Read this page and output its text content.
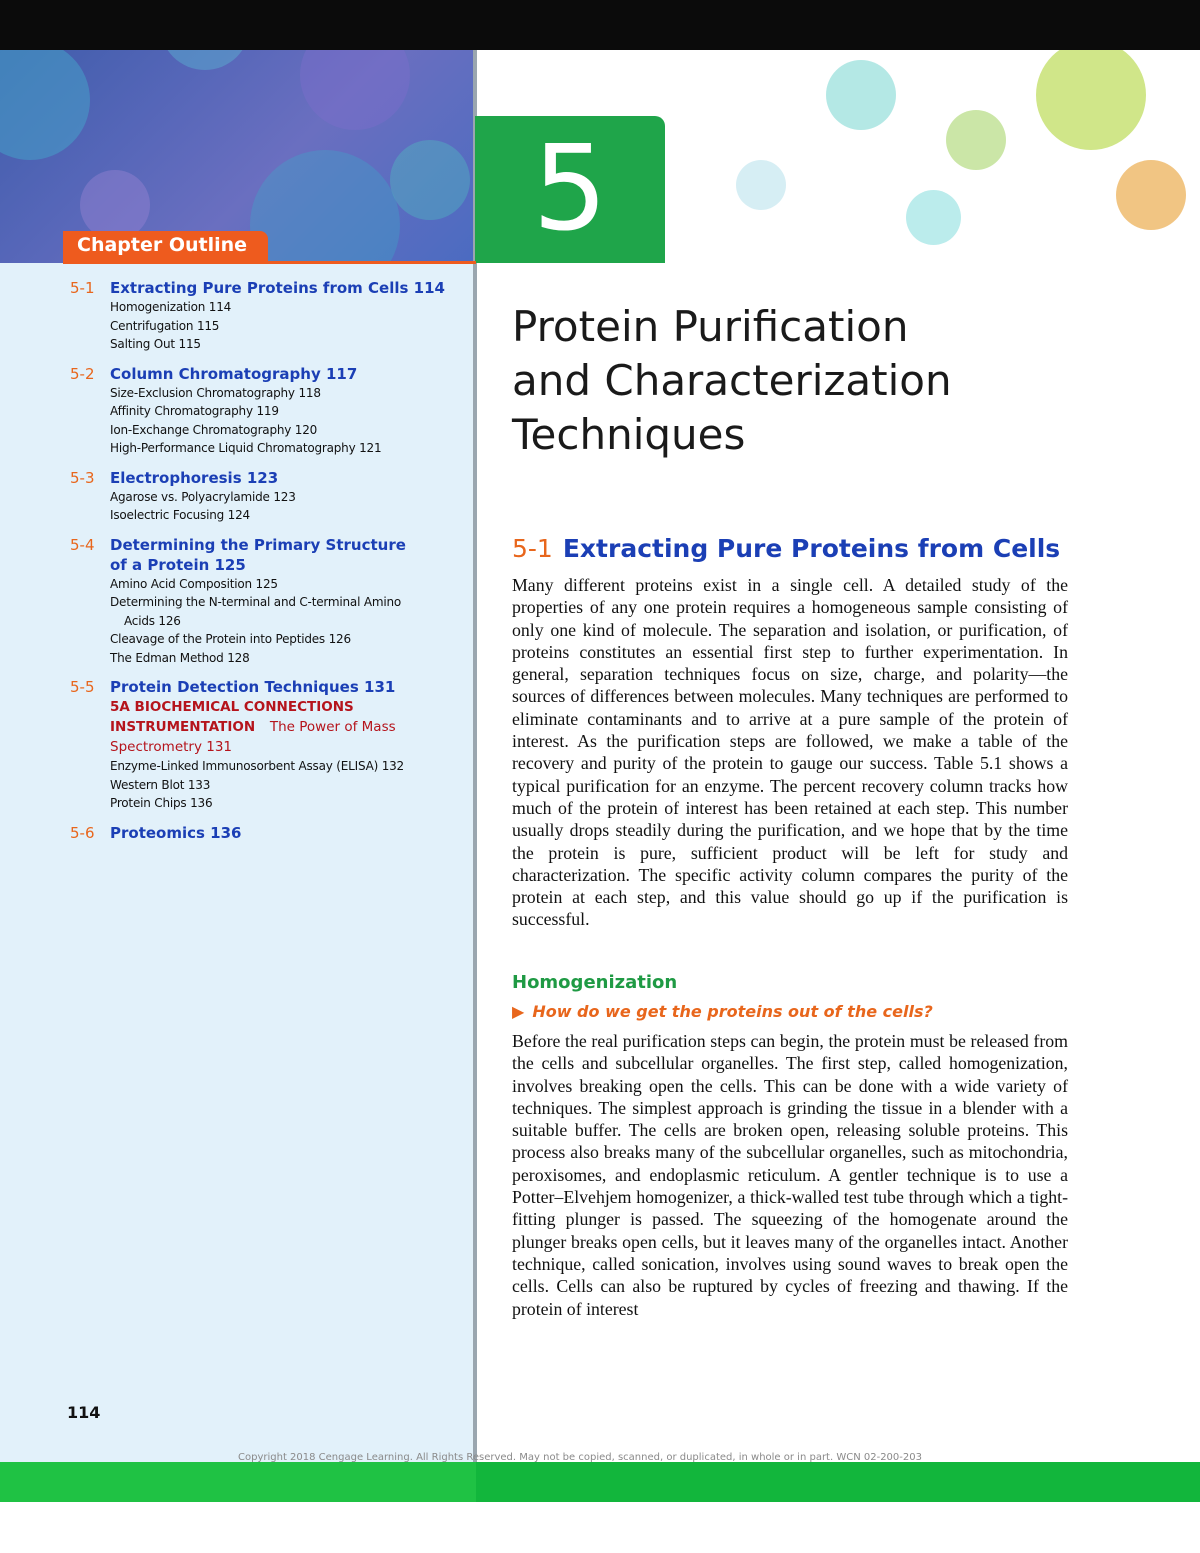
5
Chapter Outline
5-1	Extracting Pure Proteins from Cells 114
Homogenization 114
Centrifugation 115
Salting Out 115
5-2	Column Chromatography 117
Size-Exclusion Chromatography 118
Affinity Chromatography 119
Ion-Exchange Chromatography 120
High-Performance Liquid Chromatography 121
5-3	Electrophoresis 123
Agarose vs. Polyacrylamide 123
Isoelectric Focusing 124
5-4	Determining the Primary Structure
of a Protein 125
Amino Acid Composition 125
Determining the N-terminal and C-terminal Amino
Acids 126
Cleavage of the Protein into Peptides 126
The Edman Method 128
5-5	Protein Detection Techniques 131
5A BIOCHEMICAL CONNECTIONS
INSTRUMENTATION The Power of Mass
Spectrometry 131
Enzyme-Linked Immunosorbent Assay (ELISA) 132
Western Blot 133
Protein Chips 136
5-6	Proteomics 136
114
Protein Purification
and Characterization
Techniques
5-1 Extracting Pure Proteins from Cells
Many different proteins exist in a single cell. A detailed study of the properties of any one protein requires a homogeneous sample consisting of only one kind of molecule. The separation and isolation, or purification, of proteins constitutes an essential first step to further experimentation. In general, separation techniques focus on size, charge, and polarity—the sources of differences between molecules. Many techniques are performed to eliminate contaminants and to arrive at a pure sample of the protein of interest. As the purification steps are followed, we make a table of the recovery and purity of the protein to gauge our success. Table 5.1 shows a typical purification for an enzyme. The percent recovery column tracks how much of the protein of interest has been retained at each step. This number usually drops steadily during the purification, and we hope that by the time the protein is pure, sufficient product will be left for study and characterization. The specific activity column compares the purity of the protein at each step, and this value should go up if the purification is successful.
Homogenization
▶ How do we get the proteins out of the cells?
Before the real purification steps can begin, the protein must be released from the cells and subcellular organelles. The first step, called homogenization, involves breaking open the cells. This can be done with a wide variety of techniques. The simplest approach is grinding the tissue in a blender with a suitable buffer. The cells are broken open, releasing soluble proteins. This process also breaks many of the subcellular organelles, such as mitochondria, peroxisomes, and endoplasmic reticulum. A gentler technique is to use a Potter–Elvehjem homogenizer, a thick-walled test tube through which a tight-fitting plunger is passed. The squeezing of the homogenate around the plunger breaks open cells, but it leaves many of the organelles intact. Another technique, called sonication, involves using sound waves to break open the cells. Cells can also be ruptured by cycles of freezing and thawing. If the protein of interest
Copyright 2018 Cengage Learning. All Rights Reserved. May not be copied, scanned, or duplicated, in whole or in part. WCN 02-200-203
